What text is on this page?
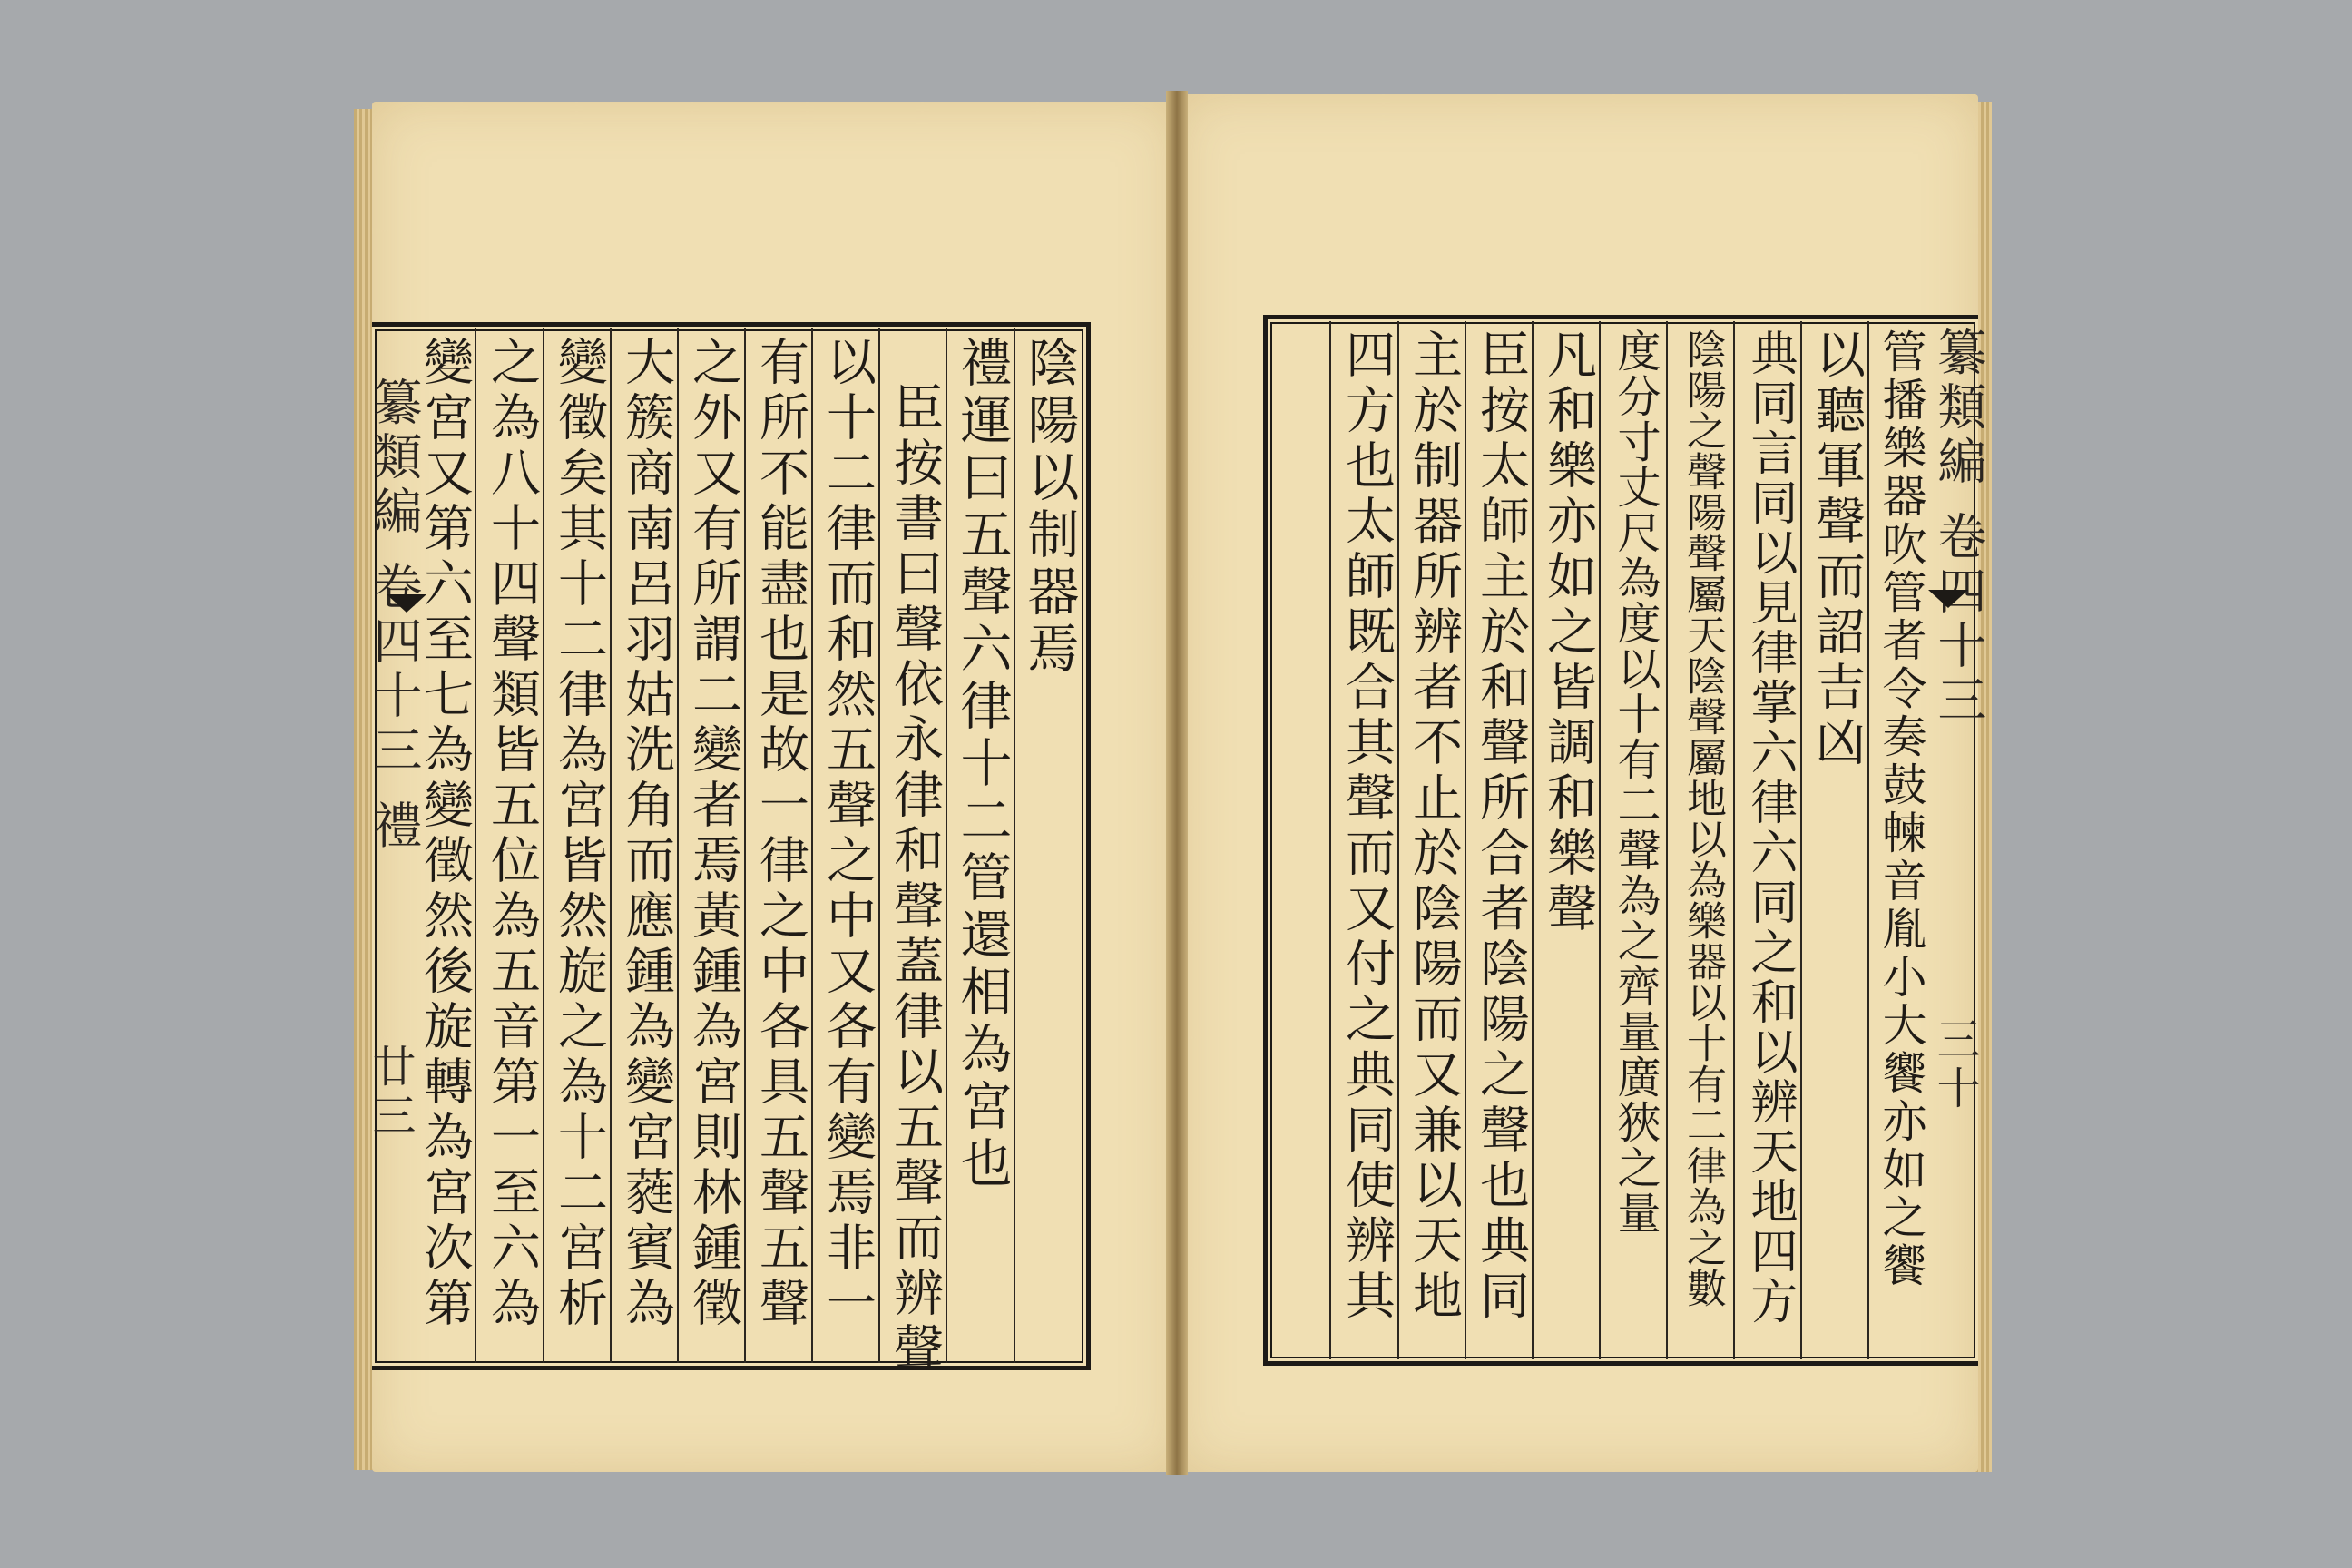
纂類編 卷四十三 禮
廿三
陰陽以制器焉
禮運曰五聲六律十二管還相為宮也
臣按書曰聲依永律和聲蓋律以五聲而辨聲
以十二律而和然五聲之中又各有變焉非一
有所不能盡也是故一律之中各具五聲五聲
之外又有所謂二變者焉黃鍾為宮則林鍾徵
大簇商南呂羽姑洗角而應鍾為變宮蕤賓為
變徵矣其十二律為宮皆然旋之為十二宮析
之為八十四聲類皆五位為五音第一至六為
變宮又第六至七為變徵然後旋轉為宮次第	纂類編 卷四十三
三十
管播樂器吹管者令奏鼓朄音胤小大饗亦如之饗
以聽軍聲而詔吉凶
典同言同以見律掌六律六同之和以辨天地四方
陰陽之聲陽聲屬天陰聲屬地以為樂器以十有二律為之數
度分寸丈尺為度以十有二聲為之齊量廣狹之量
凡和樂亦如之皆調和樂聲
臣按太師主於和聲所合者陰陽之聲也典同
主於制器所辨者不止於陰陽而又兼以天地
四方也太師既合其聲而又付之典同使辨其
